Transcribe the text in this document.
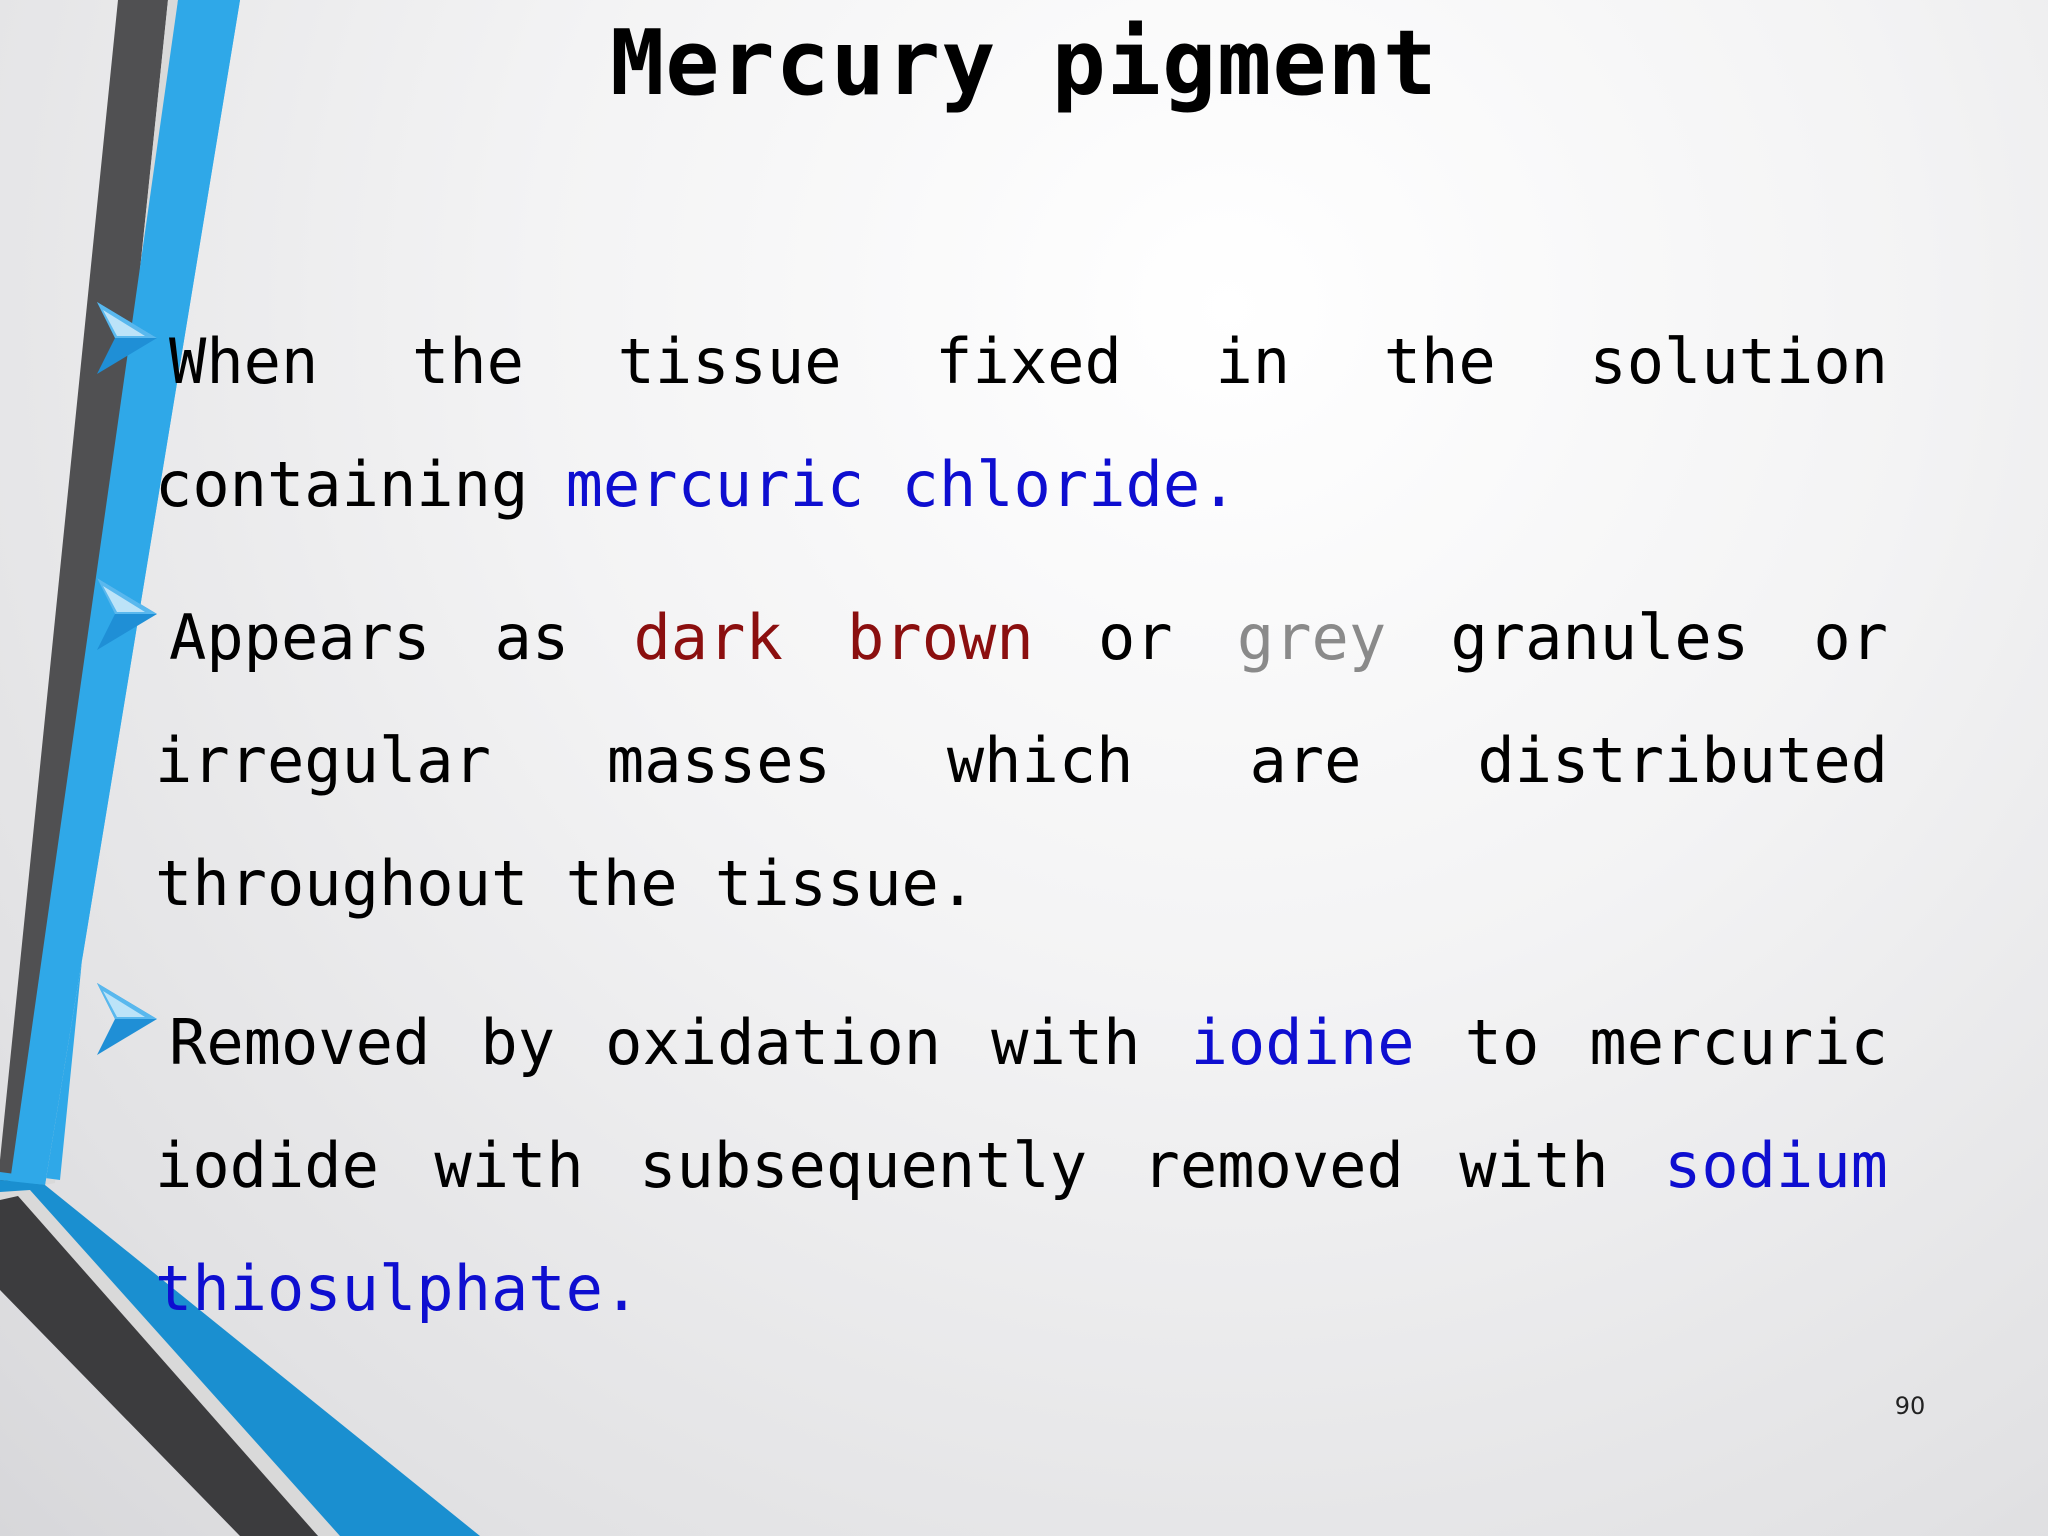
Mercury pigment

When the tissue fixed in the solution containing mercuric chloride.

Appears as dark brown or grey granules or irregular masses which are distributed throughout the tissue.

Removed by oxidation with iodine to mercuric iodide with subsequently removed with sodium thiosulphate.

90
